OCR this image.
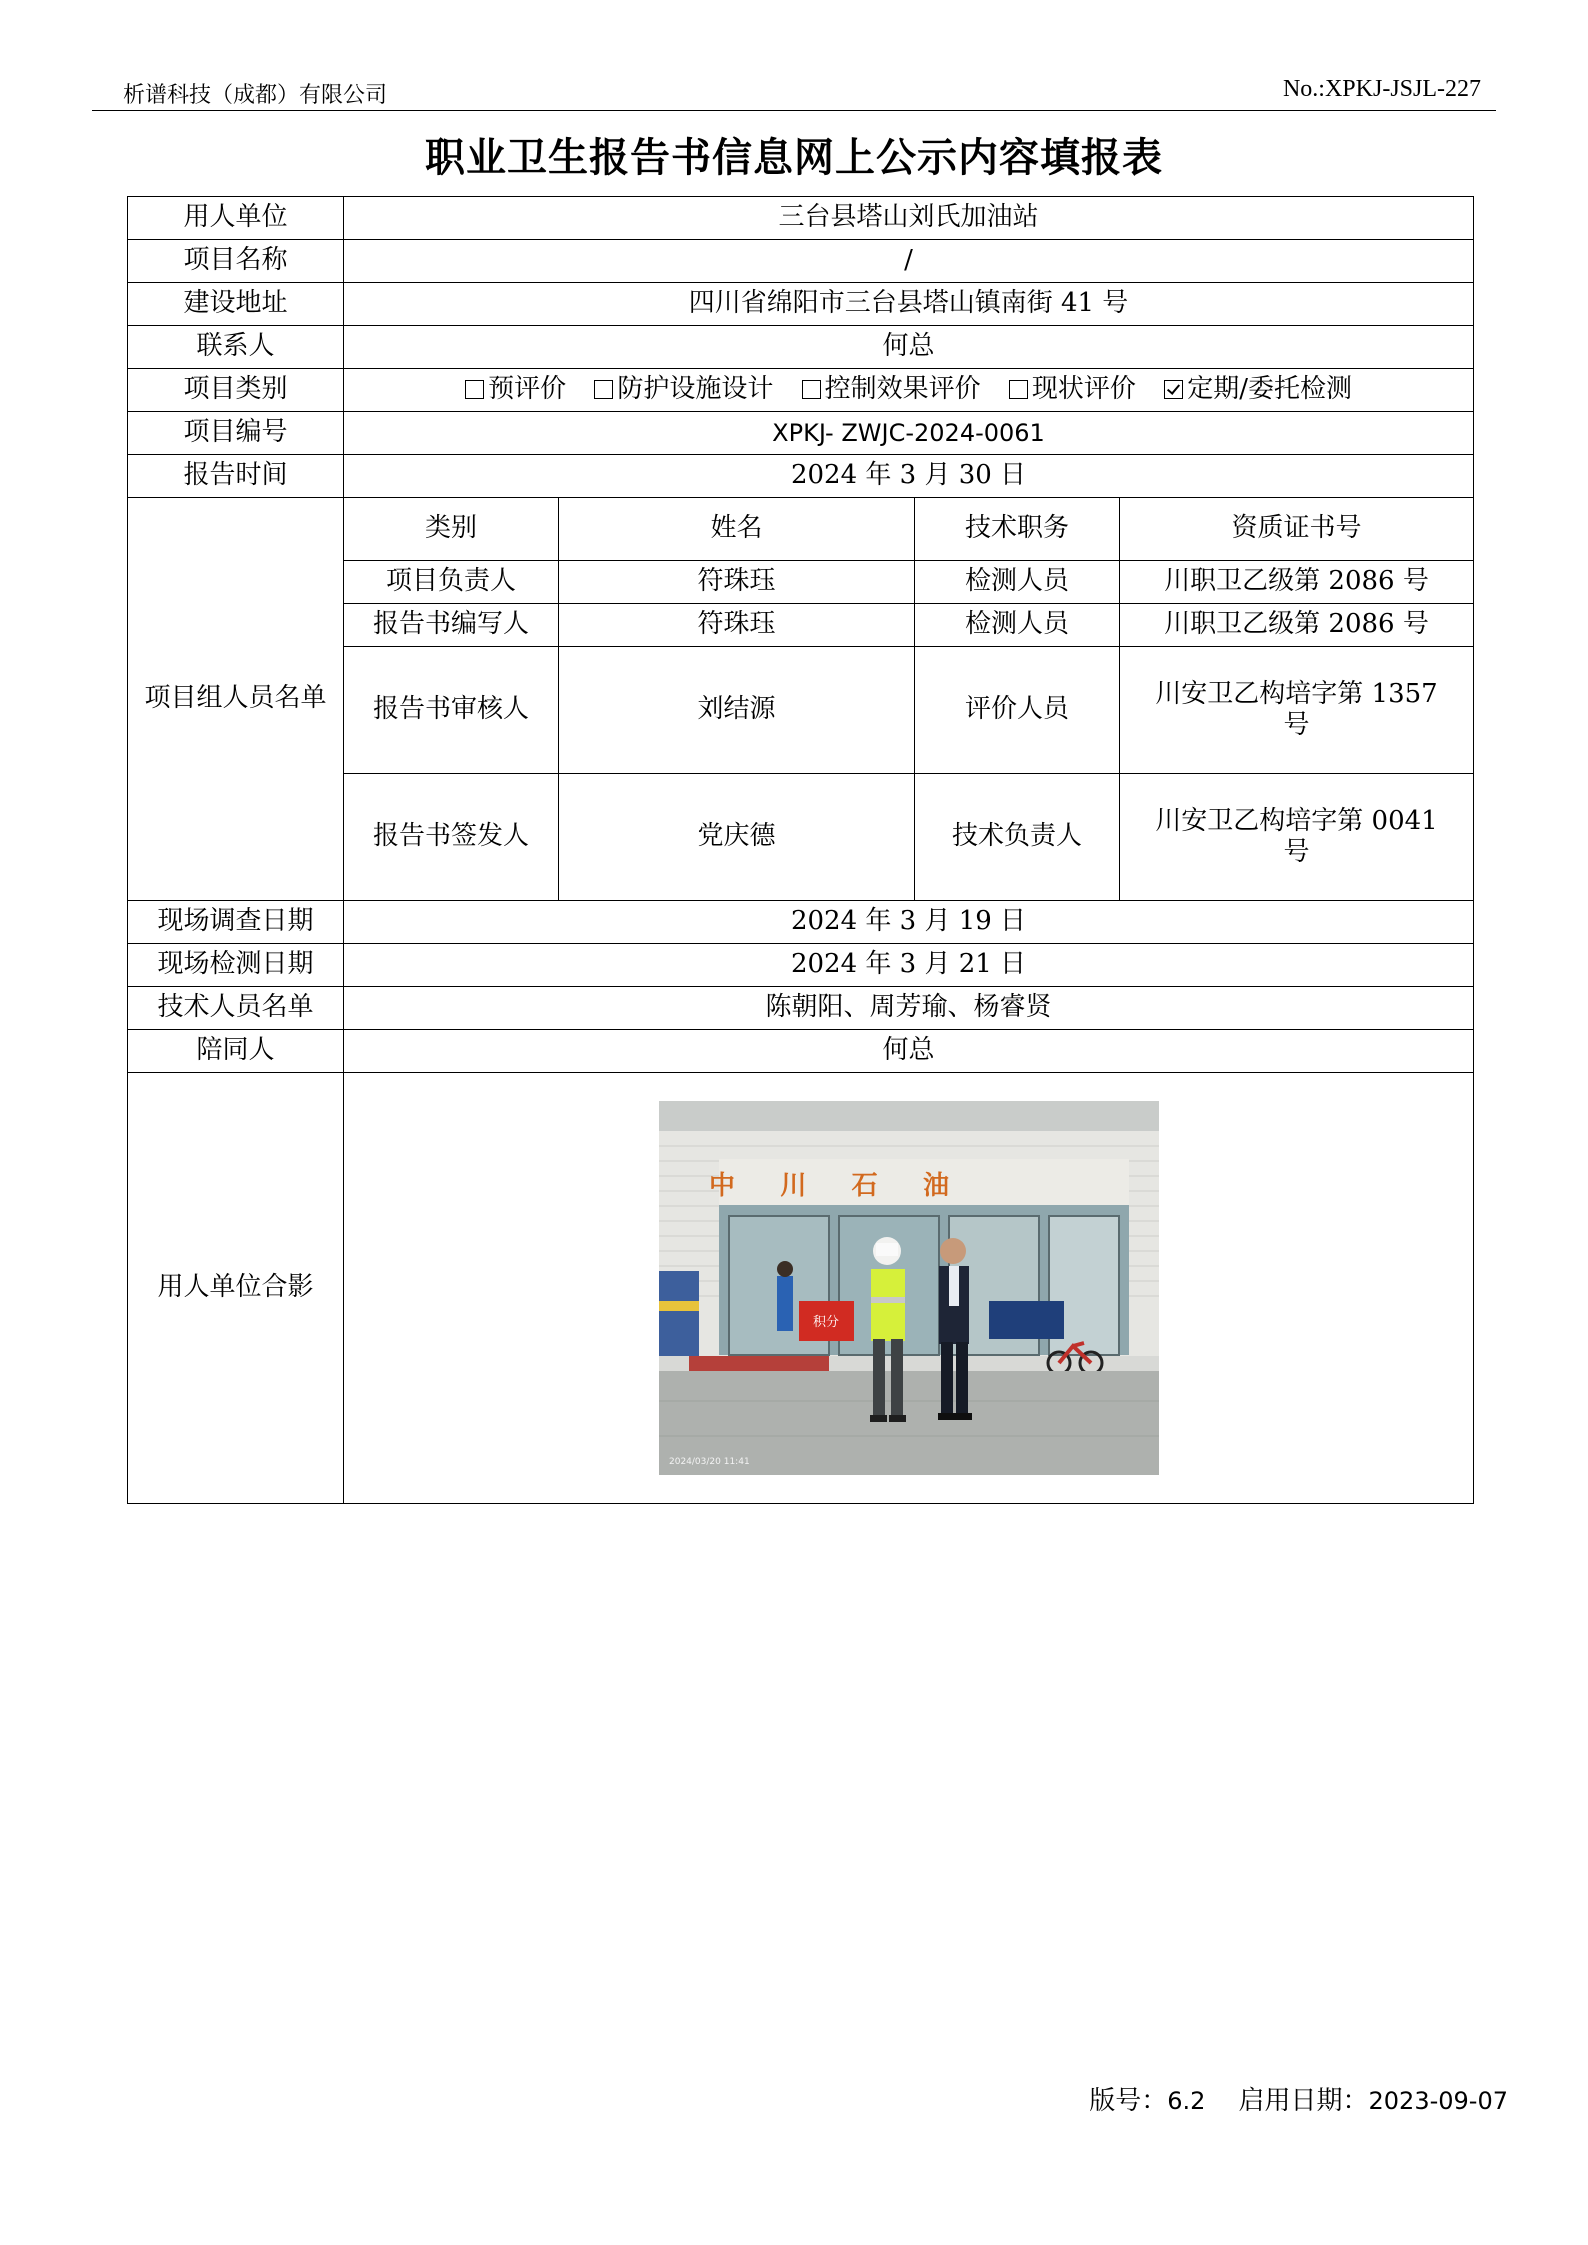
析谱科技（成都）有限公司	No.:XPKJ-JSJL-227
职业卫生报告书信息网上公示内容填报表
用人单位	三台县塔山刘氏加油站			
项目名称	/			
建设地址	四川省绵阳市三台县塔山镇南街 41 号			
联系人	何总			
项目类别	预评价 防护设施设计 控制效果评价 现状评价 定期/委托检测			
项目编号	XPKJ- ZWJC-2024-0061			
报告时间	2024 年 3 月 30 日			
项目组人员名单	类别	姓名	技术职务	资质证书号
	项目负责人	符珠珏	检测人员	川职卫乙级第 2086 号
	报告书编写人	符珠珏	检测人员	川职卫乙级第 2086 号
	报告书审核人	刘结源	评价人员	川安卫乙构培字第 1357 号
	报告书签发人	党庆德	技术负责人	川安卫乙构培字第 0041 号
现场调查日期	2024 年 3 月 19 日			
现场检测日期	2024 年 3 月 21 日			
技术人员名单	陈朝阳、周芳瑜、杨睿贤			
陪同人	何总			
用人单位合影	中 川 石 油
积分
2024/03/20 11:41			
版号：6.2 启用日期：2023-09-07
